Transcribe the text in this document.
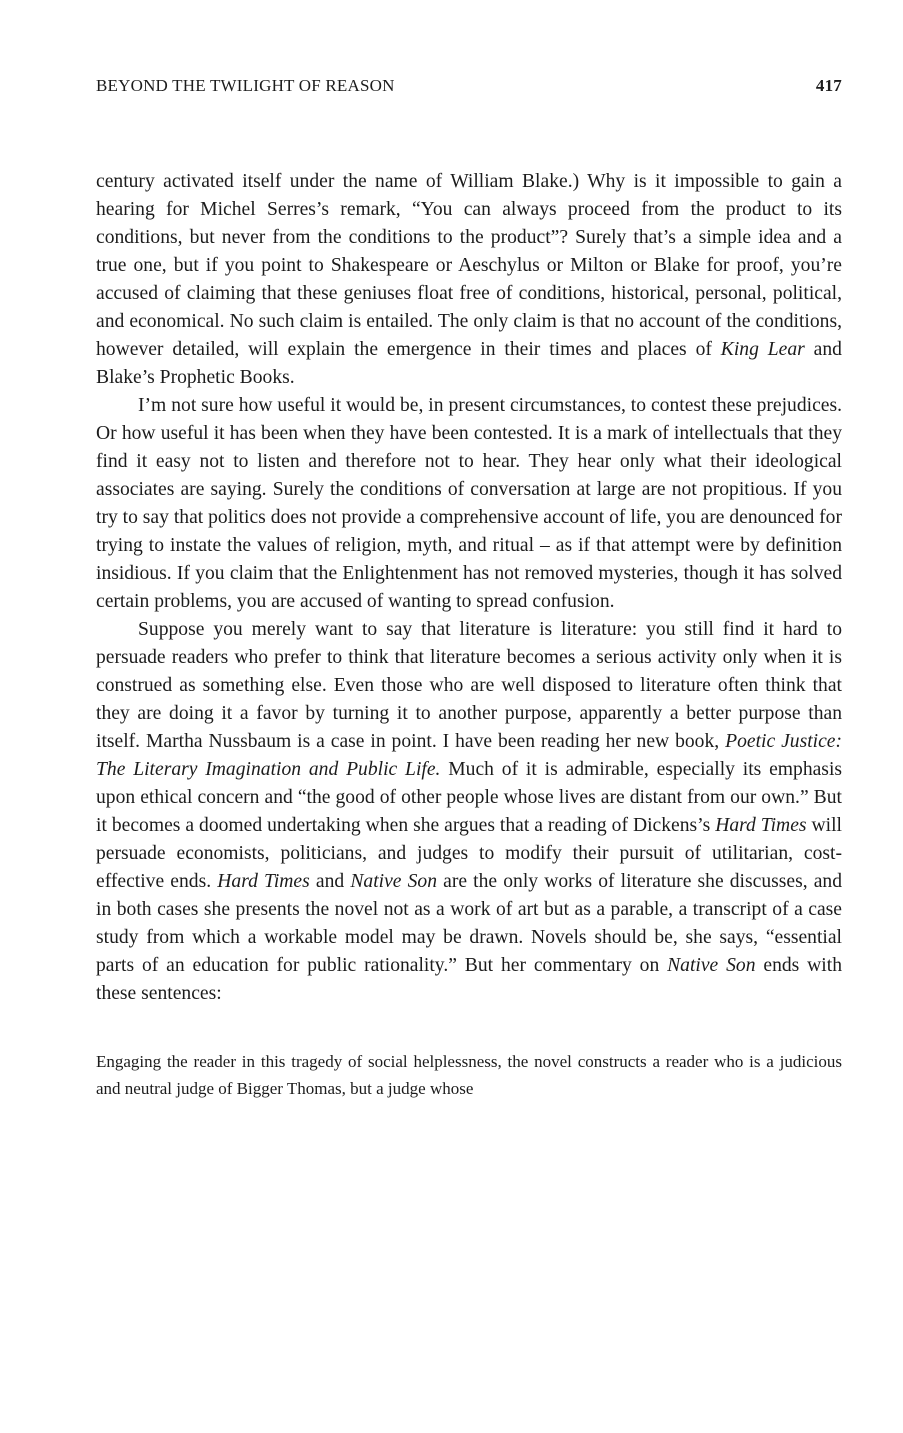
BEYOND THE TWILIGHT OF REASON	417

century activated itself under the name of William Blake.) Why is it impossible to gain a hearing for Michel Serres’s remark, “You can always proceed from the product to its conditions, but never from the conditions to the product”? Surely that’s a simple idea and a true one, but if you point to Shakespeare or Aeschylus or Milton or Blake for proof, you’re accused of claiming that these geniuses float free of conditions, historical, personal, political, and economical. No such claim is entailed. The only claim is that no account of the conditions, however detailed, will explain the emergence in their times and places of King Lear and Blake’s Prophetic Books.

I’m not sure how useful it would be, in present circumstances, to contest these prejudices. Or how useful it has been when they have been contested. It is a mark of intellectuals that they find it easy not to listen and therefore not to hear. They hear only what their ideological associates are saying. Surely the conditions of conversation at large are not propitious. If you try to say that politics does not provide a comprehensive account of life, you are denounced for trying to instate the values of religion, myth, and ritual – as if that attempt were by definition insidious. If you claim that the Enlightenment has not removed mysteries, though it has solved certain problems, you are accused of wanting to spread confusion.

Suppose you merely want to say that literature is literature: you still find it hard to persuade readers who prefer to think that literature becomes a serious activity only when it is construed as something else. Even those who are well disposed to literature often think that they are doing it a favor by turning it to another purpose, apparently a better purpose than itself. Martha Nussbaum is a case in point. I have been reading her new book, Poetic Justice: The Literary Imagination and Public Life. Much of it is admirable, especially its emphasis upon ethical concern and “the good of other people whose lives are distant from our own.” But it becomes a doomed undertaking when she argues that a reading of Dickens’s Hard Times will persuade economists, politicians, and judges to modify their pursuit of utilitarian, cost-effective ends. Hard Times and Native Son are the only works of literature she discusses, and in both cases she presents the novel not as a work of art but as a parable, a transcript of a case study from which a workable model may be drawn. Novels should be, she says, “essential parts of an education for public rationality.” But her commentary on Native Son ends with these sentences:

Engaging the reader in this tragedy of social helplessness, the novel constructs a reader who is a judicious and neutral judge of Bigger Thomas, but a judge whose
